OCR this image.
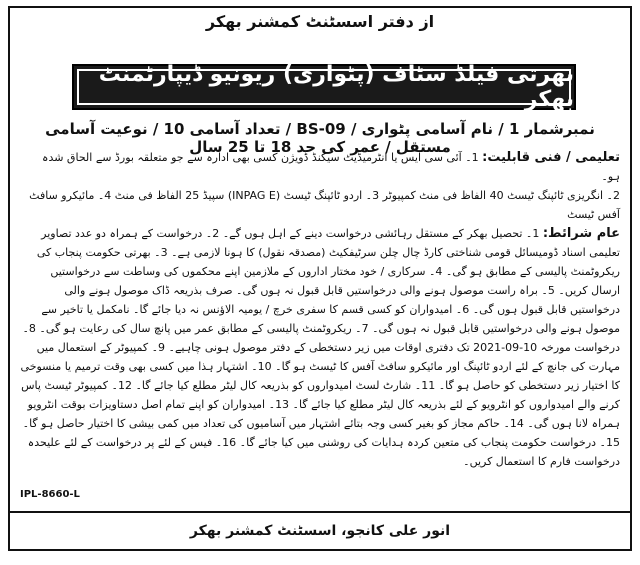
از دفتر اسسٹنٹ کمشنر بھکر
بھرتی فیلڈ سٹاف (پٹواری) ریونیو ڈیپارٹمنٹ بھکر
نمبرشمار 1 / نام آسامی پٹواری / BS-09 / تعداد آسامی 10 / نوعیت آسامی مستقل / عمر کی حد 18 تا 25 سال

تعلیمی / فنی قابلیت: 1۔ آئی سی ایس یا انٹرمیڈیٹ سیکنڈ ڈویژن کسی بھی ادارہ سے جو متعلقہ بورڈ سے الحاق شدہ ہو۔

2۔ انگریزی ٹائپنگ ٹیسٹ 40 الفاظ فی منٹ کمپیوٹر 3۔ اردو ٹائپنگ ٹیسٹ (INPAG E) سپیڈ 25 الفاظ فی منٹ 4۔ مائیکرو سافٹ آفس ٹیسٹ

عام شرائط: 1۔ تحصیل بھکر کے مستقل رہائشی درخواست دینے کے اہل ہوں گے۔ 2۔ درخواست کے ہمراہ دو عدد تصاویر تعلیمی اسناد ڈومیسائل قومی شناختی کارڈ چال چلن سرٹیفکیٹ (مصدقہ نقول) کا ہونا لازمی ہے۔ 3۔ بھرتی حکومت پنجاب کی ریکروٹمنٹ پالیسی کے مطابق ہو گی۔ 4۔ سرکاری / خود مختار اداروں کے ملازمین اپنے محکموں کی وساطت سے درخواستیں ارسال کریں۔ 5۔ براہ راست موصول ہونے والی درخواستیں قابل قبول نہ ہوں گی۔ صرف بذریعہ ڈاک موصول ہونے والی درخواستیں قابل قبول ہوں گی۔ 6۔ امیدواران کو کسی قسم کا سفری خرچ / یومیہ الاؤنس نہ دیا جائے گا۔ نامکمل یا تاخیر سے موصول ہونے والی درخواستیں قابل قبول نہ ہوں گی۔ 7۔ ریکروٹمنٹ پالیسی کے مطابق عمر میں پانچ سال کی رعایت ہو گی۔ 8۔ درخواست مورخہ 10-09-2021 تک دفتری اوقات میں زیر دستخطی کے دفتر موصول ہونی چاہیے۔ 9۔ کمپیوٹر کے استعمال میں مہارت کی جانچ کے لئے اردو ٹائپنگ اور مائیکرو سافٹ آفس کا ٹیسٹ ہو گا۔ 10۔ اشتہار ہذا میں کسی بھی وقت ترمیم یا منسوخی کا اختیار زیر دستخطی کو حاصل ہو گا۔ 11۔ شارٹ لسٹ امیدواروں کو بذریعہ کال لیٹر مطلع کیا جائے گا۔ 12۔ کمپیوٹر ٹیسٹ پاس کرنے والے امیدواروں کو انٹرویو کے لئے بذریعہ کال لیٹر مطلع کیا جائے گا۔ 13۔ امیدواران کو اپنے تمام اصل دستاویزات بوقت انٹرویو ہمراہ لانا ہوں گی۔ 14۔ حاکم مجاز کو بغیر کسی وجہ بتائے اشتہار میں آسامیوں کی تعداد میں کمی بیشی کا اختیار حاصل ہو گا۔ 15۔ درخواست حکومت پنجاب کی متعین کردہ ہدایات کی روشنی میں کیا جائے گا۔ 16۔ فیس کے لئے پر درخواست کے لئے علیحدہ درخواست فارم کا استعمال کریں۔

IPL-8660-L
انور علی کانجو، اسسٹنٹ کمشنر بھکر
